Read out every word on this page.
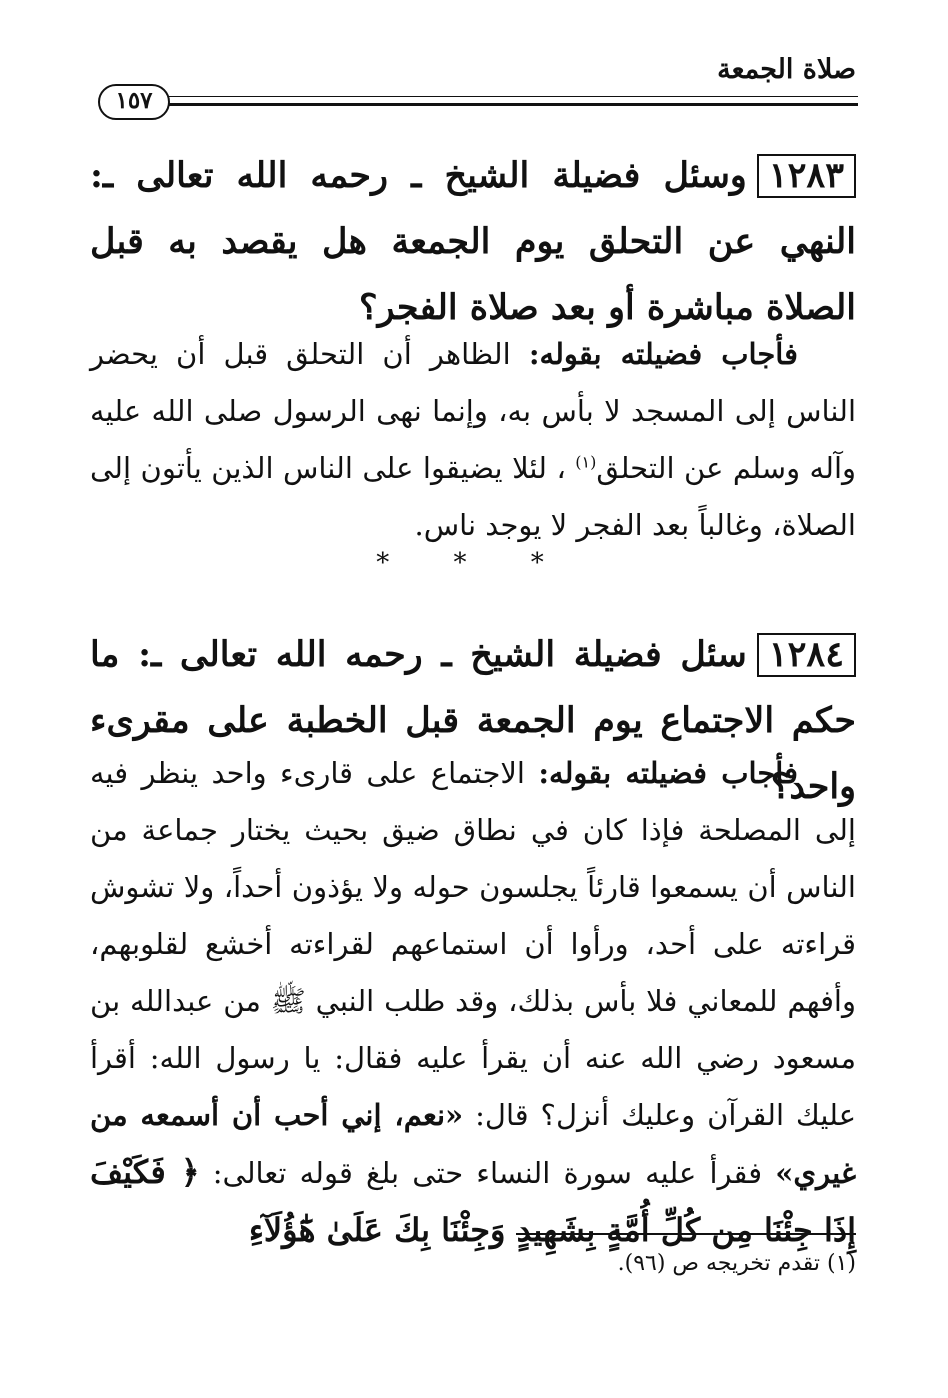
صلاة الجمعة
١٥٧
١٢٨٣وسئل فضيلة الشيخ ـ رحمه الله تعالى ـ: النهي عن التحلق يوم الجمعة هل يقصد به قبل الصلاة مباشرة أو بعد صلاة الفجر؟
فأجاب فضيلته بقوله: الظاهر أن التحلق قبل أن يحضر الناس إلى المسجد لا بأس به، وإنما نهى الرسول صلى الله عليه وآله وسلم عن التحلق$^{(١)}$ ، لئلا يضيقوا على الناس الذين يأتون إلى الصلاة، وغالباً بعد الفجر لا يوجد ناس.
* * *
١٢٨٤سئل فضيلة الشيخ ـ رحمه الله تعالى ـ: ما حكم الاجتماع يوم الجمعة قبل الخطبة على مقرىء واحد؟
فأجاب فضيلته بقوله: الاجتماع على قارىء واحد ينظر فيه إلى المصلحة فإذا كان في نطاق ضيق بحيث يختار جماعة من الناس أن يسمعوا قارئاً يجلسون حوله ولا يؤذون أحداً، ولا تشوش قراءته على أحد، ورأوا أن استماعهم لقراءته أخشع لقلوبهم، وأفهم للمعاني فلا بأس بذلك، وقد طلب النبي ﷺ من عبدالله بن مسعود رضي الله عنه أن يقرأ عليه فقال: يا رسول الله: أقرأ عليك القرآن وعليك أنزل؟ قال: «نعم، إني أحب أن أسمعه من غيري» فقرأ عليه سورة النساء حتى بلغ قوله تعالى: ﴿ فَكَيْفَ إِذَا جِئْنَا مِن كُلِّ أُمَّةٍ بِشَهِيدٍ وَجِئْنَا بِكَ عَلَىٰ هَٰٓؤُلَآءِ
(١) تقدم تخريجه ص (٩٦).
